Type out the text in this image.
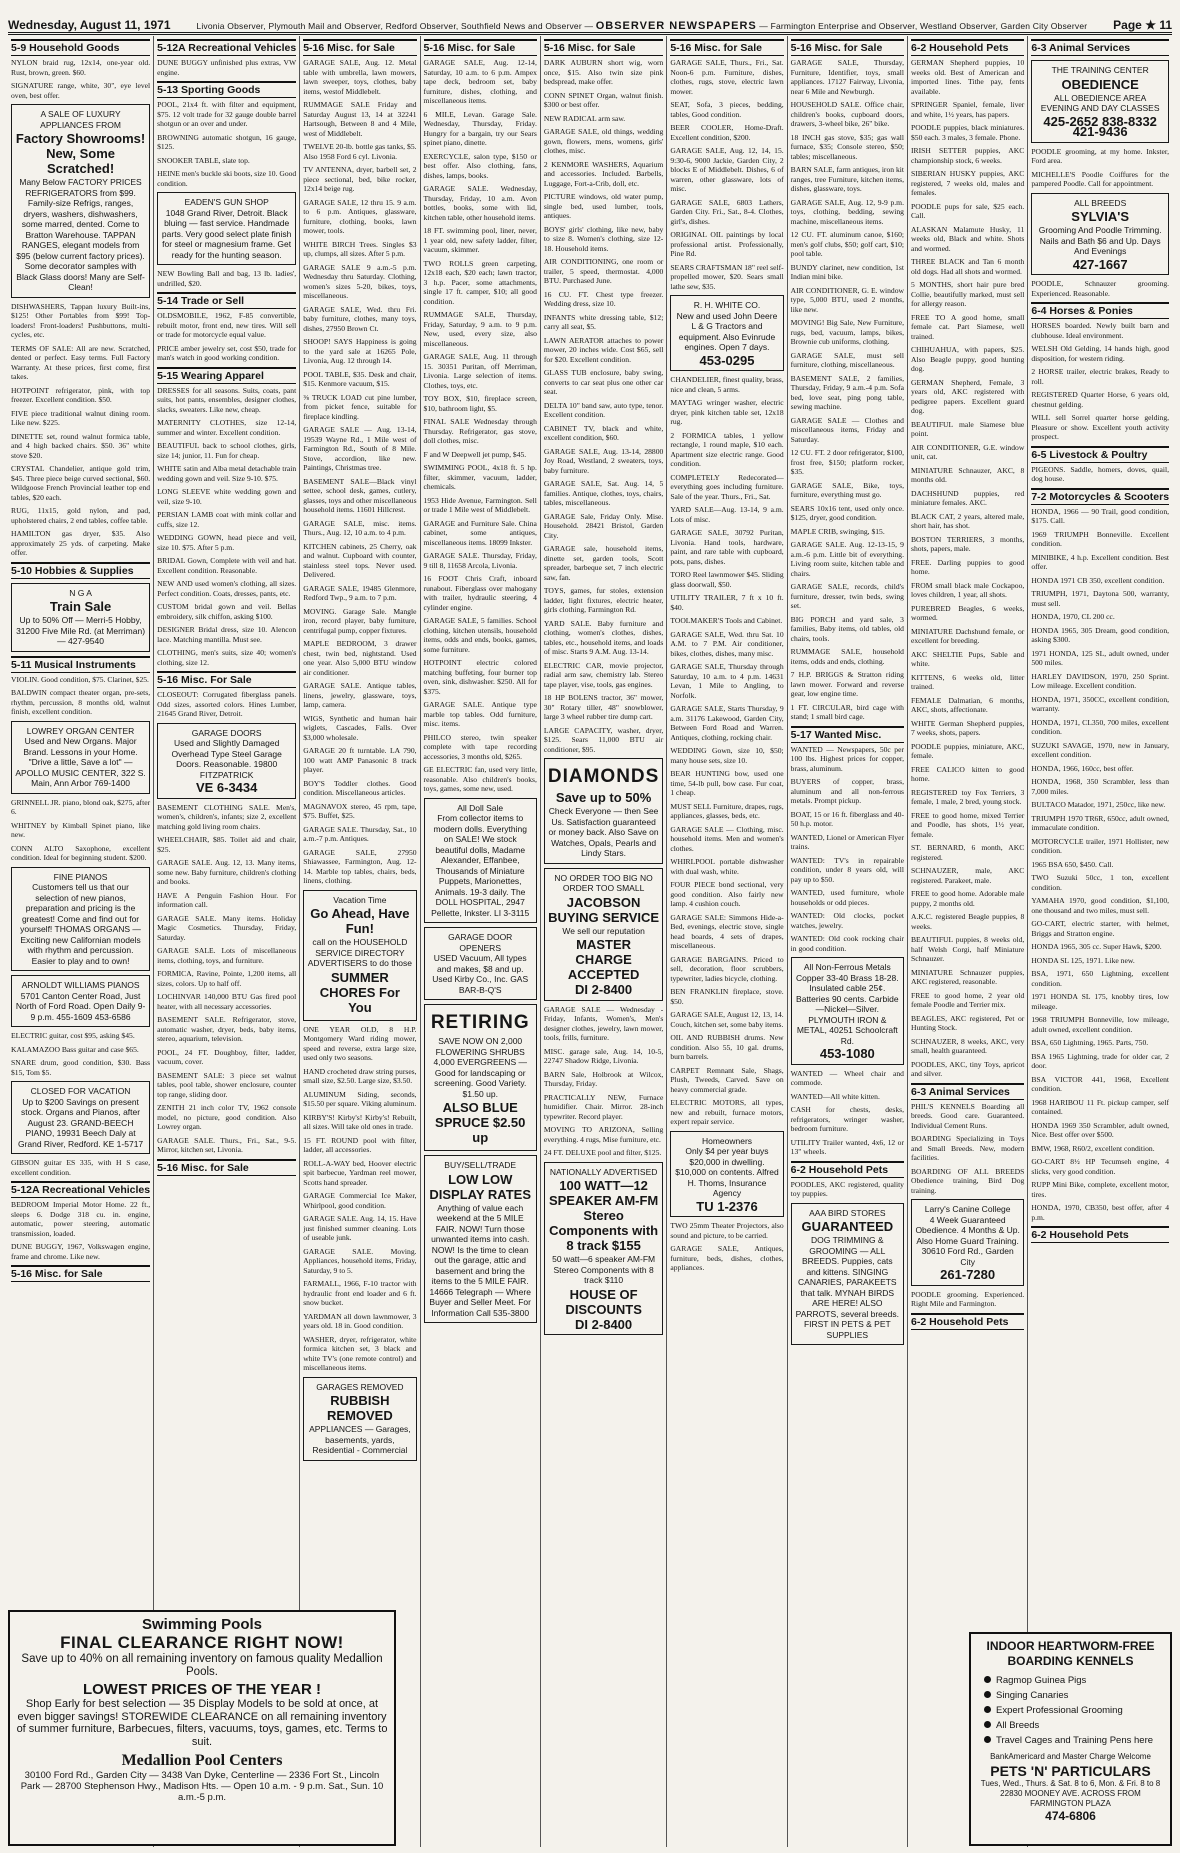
Wednesday, August 11, 1971	Livonia Observer, Plymouth Mail and Observer, Redford Observer, Southfield News and Observer — OBSERVER NEWSPAPERS — Farmington Enterprise and Observer, Westland Observer, Garden City Observer Page ★ 11
5-9 Household Goods

NYLON braid rug, 12x14, one-year old. Rust, brown, green. $60.

SIGNATURE range, white, 30", eye level oven, best offer.

A SALE OF LUXURY APPLIANCES FROM
Factory Showrooms! New, Some Scratched!
Many Below FACTORY PRICES REFRIGERATORS from $99. Family-size Refrigs, ranges, dryers, washers, dishwashers, some marred, dented. Come to Bratton Warehouse. TAPPAN RANGES, elegant models from $95 (below current factory prices). Some decorator samples with Black Glass doors! Many are Self-Clean!

DISHWASHERS, Tappan luxury Built-ins, $125! Other Portables from $99! Top-loaders! Front-loaders! Pushbuttons, multi-cycles, etc.

TERMS OF SALE: All are new. Scratched, dented or perfect. Easy terms. Full Factory Warranty. At these prices, first come, first takes.

HOTPOINT refrigerator, pink, with top freezer. Excellent condition. $50.

FIVE piece traditional walnut dining room. Like new. $225.

DINETTE set, round walnut formica table, and 4 high backed chairs. $50. 36" white stove $20.

CRYSTAL Chandelier, antique gold trim, $45. Three piece beige curved sectional, $60. Wildgoose French Provincial leather top end tables, $20 each.

RUG, 11x15, gold nylon, and pad, upholstered chairs, 2 end tables, coffee table.

HAMILTON gas dryer, $35. Also approximately 25 yds. of carpeting. Make offer.

5-10 Hobbies & Supplies
N G A
Train Sale
Up to 50% Off — Merri-5 Hobby, 31200 Five Mile Rd. (at Merriman) — 427-9540
5-11 Musical Instruments

VIOLIN. Good condition, $75. Clarinet, $25.

BALDWIN compact theater organ, pre-sets, rhythm, percussion, 8 months old, walnut finish, excellent condition.

LOWREY ORGAN CENTER
Used and New Organs. Major Brand. Lessons in your Home. "Drive a little, Save a lot" — APOLLO MUSIC CENTER, 322 S. Main, Ann Arbor 769-1400

GRINNELL JR. piano, blond oak, $275, after 6.

WHITNEY by Kimball Spinet piano, like new.

CONN ALTO Saxophone, excellent condition. Ideal for beginning student. $200.

FINE PIANOS
Customers tell us that our selection of new pianos, preparation and pricing is the greatest! Come and find out for yourself! THOMAS ORGANS — Exciting new Californian models with rhythm and percussion. Easier to play and to own!
ARNOLDT WILLIAMS PIANOS
5701 Canton Center Road, Just North of Ford Road. Open Daily 9-9 p.m. 455-1609 453-6586

ELECTRIC guitar, cost $95, asking $45.

KALAMAZOO Bass guitar and case $65.

SNARE drum, good condition, $30. Bass $15, Tom $5.

CLOSED FOR VACATION
Up to $200 Savings on present stock. Organs and Pianos, after August 23. GRAND-BEECH PIANO, 19931 Beech Daly at Grand River, Redford. KE 1-5717

GIBSON guitar ES 335, with H S case, excellent condition.

5-12A Recreational Vehicles

BEDROOM Imperial Motor Home. 22 ft., sleeps 6. Dodge 318 cu. in. engine, automatic, power steering, automatic transmission, loaded.

DUNE BUGGY, 1967, Volkswagen engine, frame and chrome. Like new.

5-16 Misc. for Sale
5-12A Recreational Vehicles

DUNE BUGGY unfinished plus extras, VW engine.

5-13 Sporting Goods

POOL, 21x4 ft. with filter and equipment, $75. 12 volt trade for 32 gauge double barrel shotgun or an over and under.

BROWNING automatic shotgun, 16 gauge, $125.

SNOOKER TABLE, slate top.

HEINE men's buckle ski boots, size 10. Good condition.

EADEN'S GUN SHOP
1048 Grand River, Detroit. Black bluing — fast service. Handmade parts. Very good select plate finish for steel or magnesium frame. Get ready for the hunting season.

NEW Bowling Ball and bag, 13 lb. ladies', undrilled, $20.

5-14 Trade or Sell

OLDSMOBILE, 1962, F-85 convertible, rebuilt motor, front end, new tires. Will sell or trade for motorcycle equal value.

PRICE amber jewelry set, cost $50, trade for man's watch in good working condition.

5-15 Wearing Apparel

DRESSES for all seasons. Suits, coats, pant suits, hot pants, ensembles, designer clothes, slacks, sweaters. Like new, cheap.

MATERNITY CLOTHES, size 12-14, summer and winter. Excellent condition.

BEAUTIFUL back to school clothes, girls, size 14; junior, 11. Fun for cheap.

WHITE satin and Alba metal detachable train wedding gown and veil. Size 9-10. $75.

LONG SLEEVE white wedding gown and veil, size 9-10.

PERSIAN LAMB coat with mink collar and cuffs, size 12.

WEDDING GOWN, head piece and veil, size 10. $75. After 5 p.m.

BRIDAL Gown, Complete with veil and hat. Excellent condition. Reasonable.

NEW AND used women's clothing, all sizes. Perfect condition. Coats, dresses, pants, etc.

CUSTOM bridal gown and veil. Bellas embroidery, silk chiffon, asking $100.

DESIGNER Bridal dress, size 10. Alencon lace. Matching mantilla. Must see.

CLOTHING, men's suits, size 40; women's clothing, size 12.

5-16 Misc. For Sale

CLOSEOUT: Corrugated fiberglass panels. Odd sizes, assorted colors. Hines Lumber, 21645 Grand River, Detroit.

GARAGE DOORS
Used and Slightly Damaged Overhead Type Steel Garage Doors. Reasonable. 19800 FITZPATRICK
VE 6-3434

BASEMENT CLOTHING SALE. Men's, women's, children's, infants; size 2, excellent matching gold living room chairs.

WHEELCHAIR, $85. Toilet aid and chair, $25.

GARAGE SALE. Aug. 12, 13. Many items, some new. Baby furniture, children's clothing and books.

HAVE A Penguin Fashion Hour. For information call.

GARAGE SALE. Many items. Holiday Magic Cosmetics. Thursday, Friday, Saturday.

GARAGE SALE. Lots of miscellaneous items, clothing, toys, and furniture.

FORMICA, Ravine, Pointe, 1,200 items, all sizes, colors. Up to half off.

LOCHINVAR 140,000 BTU Gas fired pool heater, with all necessary accessories.

BASEMENT SALE. Refrigerator, stove, automatic washer, dryer, beds, baby items, stereo, aquarium, television.

POOL, 24 FT. Doughboy, filter, ladder, vacuum, cover.

BASEMENT SALE: 3 piece set walnut tables, pool table, shower enclosure, counter top range, sliding door.

ZENITH 21 inch color TV, 1962 console model, no picture, good condition. Also Lowrey organ.

GARAGE SALE. Thurs., Fri., Sat., 9-5. Mirror, kitchen set, Livonia.

5-16 Misc. for Sale
5-16 Misc. for Sale

GARAGE SALE, Aug. 12. Metal table with umbrella, lawn mowers, lawn sweeper, toys, clothes, baby items, westof Middlebelt.

RUMMAGE SALE Friday and Saturday August 13, 14 at 32241 Hartsough, Between 8 and 4 Mile, west of Middlebelt.

TWELVE 20-lb. bottle gas tanks, $5. Also 1958 Ford 6 cyl. Livonia.

TV ANTENNA, dryer, barbell set, 2 piece sectional, bed, bike rocker, 12x14 beige rug.

GARAGE SALE, 12 thru 15. 9 a.m. to 6 p.m. Antiques, glassware, furniture, clothing, books, lawn mower, tools.

WHITE BIRCH Trees. Singles $3 up, clumps, all sizes. After 5 p.m.

GARAGE SALE 9 a.m.-5 p.m. Wednesday thru Saturday. Clothing, women's sizes 5-20, bikes, toys, miscellaneous.

GARAGE SALE, Wed. thru Fri. baby furniture, clothes, many toys, dishes, 27950 Brown Ct.

SHOOP! SAYS Happiness is going to the yard sale at 16265 Pole, Livonia, Aug. 12 through 14.

POOL TABLE, $35. Desk and chair, $15. Kenmore vacuum, $15.

⅜ TRUCK LOAD cut pine lumber, from picket fence, suitable for fireplace kindling.

GARAGE SALE — Aug. 13-14, 19539 Wayne Rd., 1 Mile west of Farmington Rd., South of 8 Mile. Stove, accordion, like new. Paintings, Christmas tree.

BASEMENT SALE—Black vinyl settee, school desk, games, cutlery, glasses, toys and other miscellaneous household items. 11601 Hillcrest.

GARAGE SALE, misc. items. Thurs., Aug. 12, 10 a.m. to 4 p.m.

KITCHEN cabinets, 25 Cherry, oak and walnut. Cupboard with counter, stainless steel tops. Never used. Delivered.

GARAGE SALE, 19485 Glenmore, Redford Twp., 9 a.m. to 7 p.m.

MOVING. Garage Sale. Mangle iron, record player, baby furniture, centrifugal pump, copper fixtures.

MAPLE BEDROOM, 3 drawer chest, twin bed, nightstand. Used one year. Also 5,000 BTU window air conditioner.

GARAGE SALE. Antique tables, linens, jewelry, glassware, toys, lamp, camera.

WIGS, Synthetic and human hair wiglets, Cascades, Falls. Over $3,000 wholesale.

GARAGE 20 ft turntable. LA 790, 100 watt AMP Panasonic 8 track player.

BOY'S Toddler clothes. Good condition. Miscellaneous articles.

MAGNAVOX stereo, 45 rpm, tape, $75. Buffet, $25.

GARAGE SALE. Thursday, Sat., 10 a.m.-7 p.m. Antiques.

GARAGE SALE, 27950 Shiawassee, Farmington, Aug. 12-14. Marble top tables, chairs, beds, linens, clothing.

Vacation Time
Go Ahead, Have Fun!
call on the HOUSEHOLD SERVICE DIRECTORY ADVERTISERS to do those
SUMMER CHORES For You

ONE YEAR OLD, 8 H.P. Montgomery Ward riding mower, speed and reverse, extra large size, used only two seasons.

HAND crocheted draw string purses, small size, $2.50. Large size, $3.50.

ALUMINUM Siding, seconds, $15.50 per square. Viking aluminum.

KIRBY'S! Kirby's! Kirby's! Rebuilt, all sizes. Will take old ones in trade.

15 FT. ROUND pool with filter, ladder, all accessories.

ROLL-A-WAY bed, Hoover electric spit barbecue, Yardman reel mower, Scotts hand spreader.

GARAGE Commercial Ice Maker, Whirlpool, good condition.

GARAGE SALE. Aug. 14, 15. Have just finished summer cleaning. Lots of useable junk.

GARAGE SALE. Moving. Appliances, household items, Friday, Saturday, 9 to 5.

FARMALL, 1966, F-10 tractor with hydraulic front end loader and 6 ft. snow bucket.

YARDMAN all down lawnmower, 3 years old. 18 in. Good condition.

WASHER, dryer, refrigerator, white formica kitchen set, 3 black and white TV's (one remote control) and miscellaneous items.

GARAGES REMOVED
RUBBISH REMOVED
APPLIANCES — Garages, basements, yards, Residential - Commercial
5-16 Misc. for Sale

GARAGE SALE, Aug. 12-14, Saturday, 10 a.m. to 6 p.m. Ampex tape deck, bedroom set, baby furniture, dishes, clothing, and miscellaneous items.

6 MILE, Levan. Garage Sale. Wednesday, Thursday, Friday. Hungry for a bargain, try our Sears spinet piano, dinette.

EXERCYCLE, salon type, $150 or best offer. Also clothing, fans, dishes, lamps, books.

GARAGE SALE. Wednesday, Thursday, Friday, 10 a.m. Avon bottles, books, some with lid, kitchen table, other household items.

18 FT. swimming pool, liner, never, 1 year old, new safety ladder, filter, vacuum, skimmer.

TWO ROLLS green carpeting, 12x18 each, $20 each; lawn tractor, 3 h.p. Pacer, some attachments, single 17 ft. camper, $10; all good condition.

RUMMAGE SALE, Thursday, Friday, Saturday, 9 a.m. to 9 p.m. New, used, every size, also miscellaneous.

GARAGE SALE, Aug. 11 through 15. 30351 Puritan, off Merriman, Livonia. Large selection of items. Clothes, toys, etc.

TOY BOX, $10, fireplace screen, $10, bathroom light, $5.

FINAL SALE Wednesday through Thursday. Refrigerator, gas stove, doll clothes, misc.

F and W Deepwell jet pump, $45.

SWIMMING POOL, 4x18 ft. 5 hp. filter, skimmer, vacuum, ladder, chemicals.

1953 Hide Avenue, Farmington. Sell or trade 1 Mile west of Middlebelt.

GARAGE and Furniture Sale. China cabinet, some antiques, miscellaneous items. 18099 Inkster.

GARAGE SALE. Thursday, Friday, 9 till 8, 11658 Arcola, Livonia.

16 FOOT Chris Craft, inboard runabout. Fiberglass over mahogany with trailer, hydraulic steering, 4 cylinder engine.

GARAGE SALE, 5 families. School clothing, kitchen utensils, household items, odds and ends, books, games, some furniture.

HOTPOINT electric colored matching buffeting, four burner top oven, sink, dishwasher. $250. All for $375.

GARAGE SALE. Antique type marble top tables. Odd furniture, misc. items.

PHILCO stereo, twin speaker complete with tape recording accessories, 3 months old, $265.

GE ELECTRIC fan, used very little, reasonable. Also children's books, toys, games, some new, used.

All Doll Sale
From collector items to modern dolls. Everything on SALE! We stock beautiful dolls, Madame Alexander, Effanbee, Thousands of Miniature Puppets, Marionettes, Animals. 19-3 daily. The DOLL HOSPITAL, 2947 Pellette, Inkster. LI 3-3115
GARAGE DOOR OPENERS
USED Vacuum, All types and makes, $8 and up. Used Kirby Co., Inc. GAS BAR-B-Q'S
RETIRING
SAVE NOW ON 2,000 FLOWERING SHRUBS 4,000 EVERGREENS — Good for landscaping or screening. Good Variety. $1.50 up.
ALSO BLUE SPRUCE $2.50 up
BUY/SELL/TRADE
LOW LOW DISPLAY RATES
Anything of value each weekend at the 5 MILE FAIR. NOW! Turn those unwanted items into cash. NOW! Is the time to clean out the garage, attic and basement and bring the items to the 5 MILE FAIR. 14666 Telegraph — Where Buyer and Seller Meet. For Information Call 535-3800
5-16 Misc. for Sale

DARK AUBURN short wig, worn once, $15. Also twin size pink bedspread, make offer.

CONN SPINET Organ, walnut finish. $300 or best offer.

NEW RADICAL arm saw.

GARAGE SALE, old things, wedding gown, flowers, mens, womens, girls' clothes, misc.

2 KENMORE WASHERS, Aquarium and accessories. Included. Barbells, Luggage, Fort-a-Crib, doll, etc.

PICTURE windows, old water pump, single bed, used lumber, tools, antiques.

BOYS' girls' clothing, like new, baby to size 8. Women's clothing, size 12-18. Household items.

AIR CONDITIONING, one room or trailer, 5 speed, thermostat. 4,000 BTU. Purchased June.

16 CU. FT. Chest type freezer. Wedding dress, size 10.

INFANTS white dressing table, $12; carry all seat, $5.

LAWN AERATOR attaches to power mower, 20 inches wide. Cost $65, sell for $20. Excellent condition.

GLASS TUB enclosure, baby swing, converts to car seat plus one other car seat.

DELTA 10" band saw, auto type, tenor. Excellent condition.

CABINET TV, black and white, excellent condition, $60.

GARAGE SALE, Aug. 13-14, 28800 Joy Road, Westland, 2 sweaters, toys, baby furniture.

GARAGE SALE, Sat. Aug. 14, 5 families. Antique, clothes, toys, chairs, tables, miscellaneous.

GARAGE Sale, Friday Only. Mise. Household. 28421 Bristol, Garden City.

GARAGE sale, household items, dinette set, garden tools, Scott spreader, barbeque set, 7 inch electric saw, fan.

TOYS, games, fur stoles, extension ladder, light fixtures, electric heater, girls clothing, Farmington Rd.

YARD SALE. Baby furniture and clothing, women's clothes, dishes, tables, etc., household items, and loads of misc. Starts 9 A.M. Aug. 13-14.

ELECTRIC CAR, movie projector, radial arm saw, chemistry lab. Stereo tape player, vise, tools, gas engines.

18 HP BOLENS tractor, 36" mower, 30" Rotary tiller, 48" snowblower, large 3 wheel rubber tire dump cart.

LARGE CAPACITY, washer, dryer, $125. Sears 11,000 BTU air conditioner, $95.

DIAMONDS
Save up to 50%
Check Everyone — then See Us. Satisfaction guaranteed or money back. Also Save on Watches, Opals, Pearls and Lindy Stars.
NO ORDER TOO BIG NO ORDER TOO SMALL
JACOBSON BUYING SERVICE
We sell our reputation
MASTER CHARGE ACCEPTED
DI 2-8400

GARAGE SALE — Wednesday - Friday, Infants, Women's, Men's designer clothes, jewelry, lawn mower, tools, frills, furniture.

MISC. garage sale, Aug. 14, 10-5, 22747 Shadow Ridge, Livonia.

BARN Sale, Holbrook at Wilcox, Thursday, Friday.

PRACTICALLY NEW, Furnace humidifier. Chair. Mirror. 28-inch typewriter. Record player.

MOVING TO ARIZONA, Selling everything. 4 rugs, Mise furniture, etc.

24 FT. DELUXE pool and filter, $125.

NATIONALLY ADVERTISED
100 WATT—12 SPEAKER AM-FM Stereo Components with 8 track $155
50 watt—6 speaker AM-FM Stereo Components with 8 track $110
HOUSE OF DISCOUNTS
DI 2-8400
5-16 Misc. for Sale

GARAGE SALE, Thurs., Fri., Sat. Noon-6 p.m. Furniture, dishes, clothes, rugs, stove, electric lawn mower.

SEAT, Sofa, 3 pieces, bedding, tables, Good condition.

BEER COOLER, Home-Draft. Excellent condition, $200.

GARAGE SALE, Aug. 12, 14, 15. 9:30-6, 9000 Jackie, Garden City, 2 blocks E of Middlebelt. Dishes, 6 of warren, other glassware, lots of misc.

GARAGE SALE, 6803 Lathers, Garden City. Fri., Sat., 8-4. Clothes, girl's, dishes.

ORIGINAL OIL paintings by local professional artist. Professionally, Pine Rd.

SEARS CRAFTSMAN 18" reel self-propelled mower, $20. Sears small lathe sew, $35.

R. H. WHITE CO.
New and used John Deere L & G Tractors and equipment. Also Evinrude engines. Open 7 days.
453-0295

CHANDELIER, finest quality, brass, nice and clean, 5 arms.

MAYTAG wringer washer, electric dryer, pink kitchen table set, 12x18 rug.

2 FORMICA tables, 1 yellow rectangle, 1 round maple, $10 each. Apartment size electric range. Good condition.

COMPLETELY Redecorated—everything goes including furniture. Sale of the year. Thurs., Fri., Sat.

YARD SALE—Aug. 13-14, 9 a.m. Lots of misc.

GARAGE SALE, 30792 Puritan, Livonia. Hand tools, hardware, paint, and rare table with cupboard, pots, pans, dishes.

TORO Reel lawnmower $45. Sliding glass doorwall, $50.

UTILITY TRAILER, 7 ft x 10 ft. $40.

TOOLMAKER'S Tools and Cabinet.

GARAGE SALE, Wed. thru Sat. 10 A.M. to 7 P.M. Air conditioner, bikes, clothes, dishes, many misc.

GARAGE SALE, Thursday through Saturday, 10 a.m. to 4 p.m. 14631 Levan, 1 Mile to Angling, to Norfolk.

GARAGE SALE, Starts Thursday, 9 a.m. 31176 Lakewood, Garden City, Between Ford Road and Warren. Antiques, clothing, rocking chair.

WEDDING Gown, size 10, $50; many house sets, size 10.

BEAR HUNTING bow, used one time, 54-lb pull, bow case. Fur coat, 1 cheap.

MUST SELL Furniture, drapes, rugs, appliances, glasses, beds, etc.

GARAGE SALE — Clothing, misc. household items. Men and women's clothes.

WHIRLPOOL portable dishwasher with dual wash, white.

FOUR PIECE bond sectional, very good condition. Also fairly new lamp. 4 cushion couch.

GARAGE SALE: Simmons Hide-a-Bed, evenings, electric stove, single head boards, 4 sets of drapes, miscellaneous.

GARAGE BARGAINS. Priced to sell, decoration, floor scrubbers, typewriter, ladies bicycle, clothing.

BEN FRANKLIN fireplace, stove. $50.

GARAGE SALE, August 12, 13, 14. Couch, kitchen set, some baby items.

OIL AND RUBBISH drums. New condition. Also 55, 10 gal. drums, burn barrels.

CARPET Remnant Sale, Shags, Plush, Tweeds, Carved. Save on heavy commercial grade.

ELECTRIC MOTORS, all types, new and rebuilt, furnace motors, expert repair service.

Homeowners
Only $4 per year buys $20,000 in dwelling. $10,000 on contents. Alfred H. Thoms, Insurance Agency
TU 1-2376

TWO 25mm Theater Projectors, also sound and picture, to be carried.

GARAGE SALE, Antiques, furniture, beds, dishes, clothes, appliances.

5-16 Misc. for Sale

GARAGE SALE, Thursday, Furniture, Identifier, toys, small appliances. 17127 Fairway, Livonia, near 6 Mile and Newburgh.

HOUSEHOLD SALE. Office chair, children's books, cupboard doors, drawers, 3-wheel bike, 26" bike.

18 INCH gas stove, $35; gas wall furnace, $35; Console stereo, $50; tables; miscellaneous.

BARN SALE, farm antiques, iron kit ranges, tree Furniture, kitchen items, dishes, glassware, toys.

GARAGE SALE, Aug. 12, 9-9 p.m. toys, clothing, bedding, sewing machine, miscellaneous items.

12 CU. FT. aluminum canoe, $160; men's golf clubs, $50; golf cart, $10; pool table.

BUNDY clarinet, new condition, 1st Indian mini bike.

AIR CONDITIONER, G. E. window type, 5,000 BTU, used 2 months, like new.

MOVING! Big Sale, New Furniture, rugs, bed, vacuum, lamps, bikes, Brownie cub uniforms, clothing.

GARAGE SALE, must sell furniture, clothing, miscellaneous.

BASEMENT SALE, 2 families, Thursday, Friday, 9 a.m.-4 p.m. Sofa bed, love seat, ping pong table, sewing machine.

GARAGE SALE — Clothes and miscellaneous items, Friday and Saturday.

12 CU. FT. 2 door refrigerator, $100, frost free, $150; platform rocker, $35.

GARAGE SALE, Bike, toys, furniture, everything must go.

SEARS 10x16 tent, used only once. $125, dryer, good condition.

MAPLE CRIB, swinging, $15.

GARAGE SALE. Aug. 12-13-15, 9 a.m.-6 p.m. Little bit of everything. Living room suite, kitchen table and chairs.

GARAGE SALE, records, child's furniture, dresser, twin beds, swing set.

BIG PORCH and yard sale, 3 families, Baby items, old tables, old chairs, tools.

RUMMAGE SALE, household items, odds and ends, clothing.

7 H.P. BRIGGS & Stratton riding lawn mower. Forward and reverse gear, low engine time.

1 FT. CIRCULAR, bird cage with stand; 1 small bird cage.

5-17 Wanted Misc.

WANTED — Newspapers, 50c per 100 lbs. Highest prices for copper, brass, aluminum.

BUYERS of copper, brass, aluminum and all non-ferrous metals. Prompt pickup.

BOAT, 15 or 16 ft. fiberglass and 40-50 h.p. motor.

WANTED, Lionel or American Flyer trains.

WANTED: TV's in repairable condition, under 8 years old, will pay up to $50.

WANTED, used furniture, whole households or odd pieces.

WANTED: Old clocks, pocket watches, jewelry.

WANTED: Old cook rocking chair in good condition.

All Non-Ferrous Metals
Copper 33-40 Brass 18-28. Insulated cable 25¢. Batteries 90 cents. Carbide—Nickel—Silver. PLYMOUTH IRON & METAL, 40251 Schoolcraft Rd.
453-1080

WANTED — Wheel chair and commode.

WANTED—All white kitten.

CASH for chests, desks, refrigerators, wringer washer, bedroom furniture.

UTILITY Trailer wanted, 4x6, 12 or 13" wheels.

6-2 Household Pets

POODLES, AKC registered, quality toy puppies.

AAA BIRD STORES
GUARANTEED
DOG TRIMMING & GROOMING — ALL BREEDS. Puppies, cats and kittens. SINGING CANARIES, PARAKEETS that talk. MYNAH BIRDS ARE HERE! ALSO PARROTS, several breeds. FIRST IN PETS & PET SUPPLIES
6-2 Household Pets

GERMAN Shepherd puppies, 10 weeks old. Best of American and imported lines. Tithe pay, fents available.

SPRINGER Spaniel, female, liver and white, 1½ years, has papers.

POODLE puppies, black miniatures. $50 each. 3 males, 3 female. Phone.

IRISH SETTER puppies, AKC championship stock, 6 weeks.

SIBERIAN HUSKY puppies, AKC registered, 7 weeks old, males and females.

POODLE pups for sale, $25 each. Call.

ALASKAN Malamute Husky, 11 weeks old, Black and white. Shots and wormed.

THREE BLACK and Tan 6 month old dogs. Had all shots and wormed.

5 MONTHS, short hair pure bred Collie, beautifully marked, must sell for allergy reason.

FREE TO A good home, small female cat. Part Siamese, well trained.

CHIHUAHUA, with papers, $25. Also Beagle puppy, good hunting dog.

GERMAN Shepherd, Female, 3 years old, AKC registered with pedigree papers. Excellent guard dog.

BEAUTIFUL male Siamese blue point.

AIR CONDITIONER, G.E. window unit, cat.

MINIATURE Schnauzer, AKC, 8 months old.

DACHSHUND puppies, red miniature females. AKC.

BLACK CAT, 2 years, altered male, short hair, has shot.

BOSTON TERRIERS, 3 months, shots, papers, male.

FREE. Darling puppies to good home.

FROM small black male Cockapoo, loves children, 1 year, all shots.

PUREBRED Beagles, 6 weeks, wormed.

MINIATURE Dachshund female, or excellent for breeding.

AKC SHELTIE Pups, Sable and white.

KITTENS, 6 weeks old, litter trained.

FEMALE Dalmatian, 6 months, AKC, shots, affectionate.

WHITE German Shepherd puppies, 7 weeks, shots, papers.

POODLE puppies, miniature, AKC, female.

FREE CALICO kitten to good home.

REGISTERED toy Fox Terriers, 3 female, 1 male, 2 bred, young stock.

FREE to good home, mixed Terrier and Poodle, has shots, 1½ year, female.

ST. BERNARD, 6 month, AKC registered.

SCHNAUZER, male, AKC registered. Parakeet, male.

FREE to good home. Adorable male puppy, 2 months old.

A.K.C. registered Beagle puppies, 8 weeks.

BEAUTIFUL puppies, 8 weeks old, half Welsh Corgi, half Miniature Schnauzer.

MINIATURE Schnauzer puppies, AKC registered, reasonable.

FREE to good home, 2 year old female Poodle and Terrier mix.

BEAGLES, AKC registered, Pet or Hunting Stock.

SCHNAUZER, 8 weeks, AKC, very small, health guaranteed.

POODLES, AKC, tiny Toys, apricot and silver.

6-3 Animal Services

PHIL'S KENNELS Boarding all breeds. Good care. Guaranteed. Individual Cement Runs.

BOARDING Specializing in Toys and Small Breeds. New, modern facilities.

BOARDING OF ALL BREEDS Obedience training, Bird Dog training.

Larry's Canine College
4 Week Guaranteed Obedience. 4 Months & Up. Also Home Guard Training. 30610 Ford Rd., Garden City
261-7280

POODLE grooming. Experienced. Right Mile and Farmington.

6-2 Household Pets
6-3 Animal Services
THE TRAINING CENTER
OBEDIENCE
ALL OBEDIENCE AREA EVENING AND DAY CLASSES
425-2652 838-8332 421-9436

POODLE grooming, at my home. Inkster, Ford area.

MICHELLE'S Poodle Coiffures for the pampered Poodle. Call for appointment.

ALL BREEDS
SYLVIA'S
Grooming And Poodle Trimming. Nails and Bath $6 and Up. Days And Evenings
427-1667

POODLE, Schnauzer grooming. Experienced. Reasonable.

6-4 Horses & Ponies

HORSES boarded. Newly built barn and clubhouse. Ideal environment.

WELSH Old Gelding, 14 hands high, good disposition, for western riding.

2 HORSE trailer, electric brakes, Ready to roll.

REGISTERED Quarter Horse, 6 years old, chestnut gelding.

WILL sell Sorrel quarter horse gelding, Pleasure or show. Excellent youth activity prospect.

6-5 Livestock & Poultry

PIGEONS. Saddle, homers, doves, quail, dog house.

7-2 Motorcycles & Scooters

HONDA, 1966 — 90 Trail, good condition, $175. Call.

1969 TRIUMPH Bonneville. Excellent condition.

MINIBIKE, 4 h.p. Excellent condition. Best offer.

HONDA 1971 CB 350, excellent condition.

TRIUMPH, 1971, Daytona 500, warranty, must sell.

HONDA, 1970, CL 200 cc.

HONDA 1965, 305 Dream, good condition, asking $300.

1971 HONDA, 125 SL, adult owned, under 500 miles.

HARLEY DAVIDSON, 1970, 250 Sprint. Low mileage. Excellent condition.

HONDA, 1971, 350CC, excellent condition, warranty.

HONDA, 1971, CL350, 700 miles, excellent condition.

SUZUKI SAVAGE, 1970, new in January, excellent condition.

HONDA, 1966, 160cc, best offer.

HONDA, 1968, 350 Scrambler, less than 7,000 miles.

BULTACO Matador, 1971, 250cc, like new.

TRIUMPH 1970 TR6R, 650cc, adult owned, immaculate condition.

MOTORCYCLE trailer, 1971 Hollister, new condition.

1965 BSA 650, $450. Call.

TWO Suzuki 50cc, 1 ton, excellent condition.

YAMAHA 1970, good condition, $1,100, one thousand and two miles, must sell.

GO-CART, electric starter, with helmet, Briggs and Stratton engine.

HONDA 1965, 305 cc. Super Hawk, $200.

HONDA SL 125, 1971. Like new.

BSA, 1971, 650 Lightning, excellent condition.

1971 HONDA SL 175, knobby tires, low mileage.

1968 TRIUMPH Bonneville, low mileage, adult owned, excellent condition.

BSA, 650 Lightning, 1965. Parts, 750.

BSA 1965 Lightning, trade for older car, 2 door.

BSA VICTOR 441, 1968, Excellent condition.

1968 HARIBOU 11 Ft. pickup camper, self contained.

HONDA 1969 350 Scrambler, adult owned, Nice. Best offer over $500.

BMW, 1968, R60/2, excellent condition.

GO-CART 8½ HP Tecumseh engine, 4 slicks, very good condition.

RUPP Mini Bike, complete, excellent motor, tires.

HONDA, 1970, CB350, best offer, after 4 p.m.

6-2 Household Pets
Swimming Pools
FINAL CLEARANCE RIGHT NOW!
Save up to 40% on all remaining inventory on famous quality Medallion Pools.
LOWEST PRICES OF THE YEAR !
Shop Early for best selection — 35 Display Models to be sold at once, at even bigger savings! STOREWIDE CLEARANCE on all remaining inventory of summer furniture, Barbecues, filters, vacuums, toys, games, etc. Terms to suit.
Medallion Pool Centers
30100 Ford Rd., Garden City — 3438 Van Dyke, Centerline — 2336 Fort St., Lincoln Park — 28700 Stephenson Hwy., Madison Hts. — Open 10 a.m. - 9 p.m. Sat., Sun. 10 a.m.-5 p.m.
INDOOR HEARTWORM-FREE BOARDING KENNELS
Ragmop Guinea Pigs
Singing Canaries
Expert Professional Grooming
All Breeds
Travel Cages and Training Pens here
BankAmericard and Master Charge Welcome
PETS 'N' PARTICULARS
Tues, Wed., Thurs. & Sat. 8 to 6, Mon. & Fri. 8 to 8
22830 MOONEY AVE. ACROSS FROM FARMINGTON PLAZA
474-6806
